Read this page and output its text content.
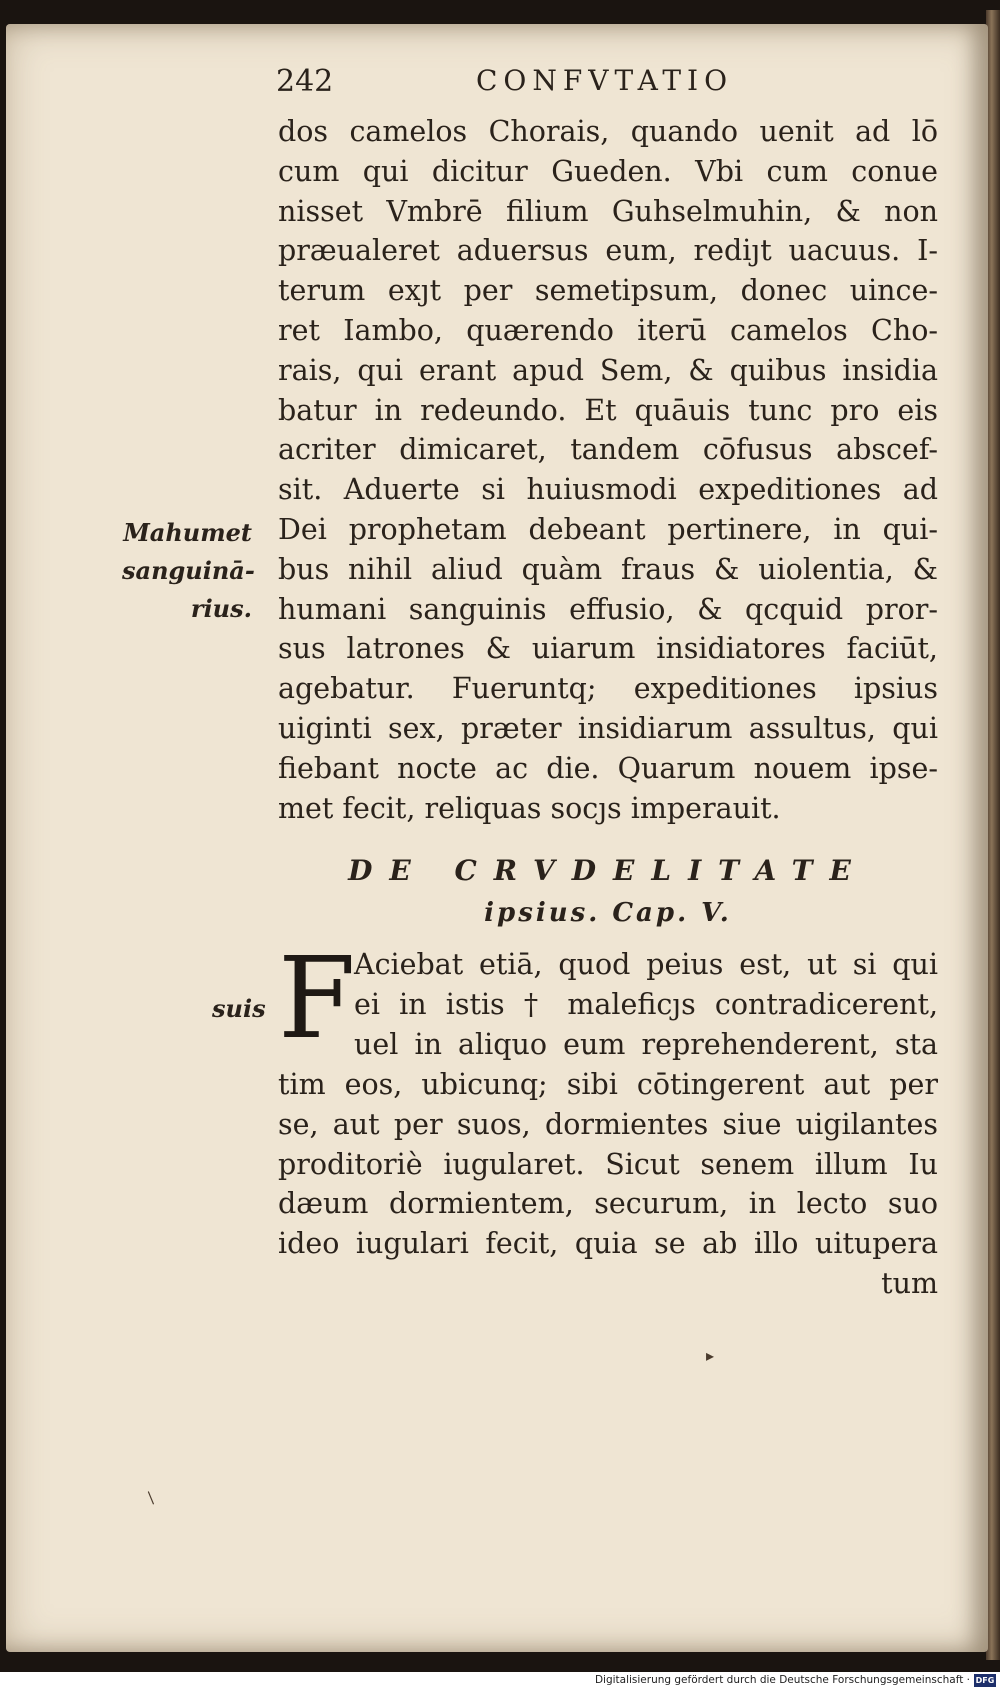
242	CONFVTATIO
dos camelos Chorais, quando uenit ad lō
cum qui dicitur Gueden. Vbi cum conue
nisset Vmbrē filium Guhselmuhin, & non
præualeret aduersus eum, rediȷt uacuus. I-
terum exȷt per semetipsum, donec uince-
ret Iambo, quærendo iterū camelos Cho-
rais, qui erant apud Sem, & quibus insidia
batur in redeundo. Et quāuis tunc pro eis
acriter dimicaret, tandem cōfusus abscef-
sit. Aduerte si huiusmodi expeditiones ad
Dei prophetam debeant pertinere, in qui-
bus nihil aliud quàm fraus & uiolentia, &
humani sanguinis effusio, & qcquid pror-
sus latrones & uiarum insidiatores faciūt,
agebatur. Fueruntq; expeditiones ipsius
uiginti sex, præter insidiarum assultus, qui
fiebant nocte ac die. Quarum nouem ipse-
met fecit, reliquas socȷs imperauit.
Mahumet
sanguinā-
rius.
DE CRVDELITATE
ipsius. Cap. V.
F
Aciebat etiā, quod peius est, ut si qui
ei in istis † maleficȷs contradicerent,
uel in aliquo eum reprehenderent, sta
tim eos, ubicunq; sibi cōtingerent aut per
se, aut per suos, dormientes siue uigilantes
proditoriè iugularet. Sicut senem illum Iu
dæum dormientem, securum, in lecto suo
ideo iugulari fecit, quia se ab illo uitupera
tum
suis
▸
/
Digitalisierung gefördert durch die Deutsche Forschungsgemeinschaft · DFG
